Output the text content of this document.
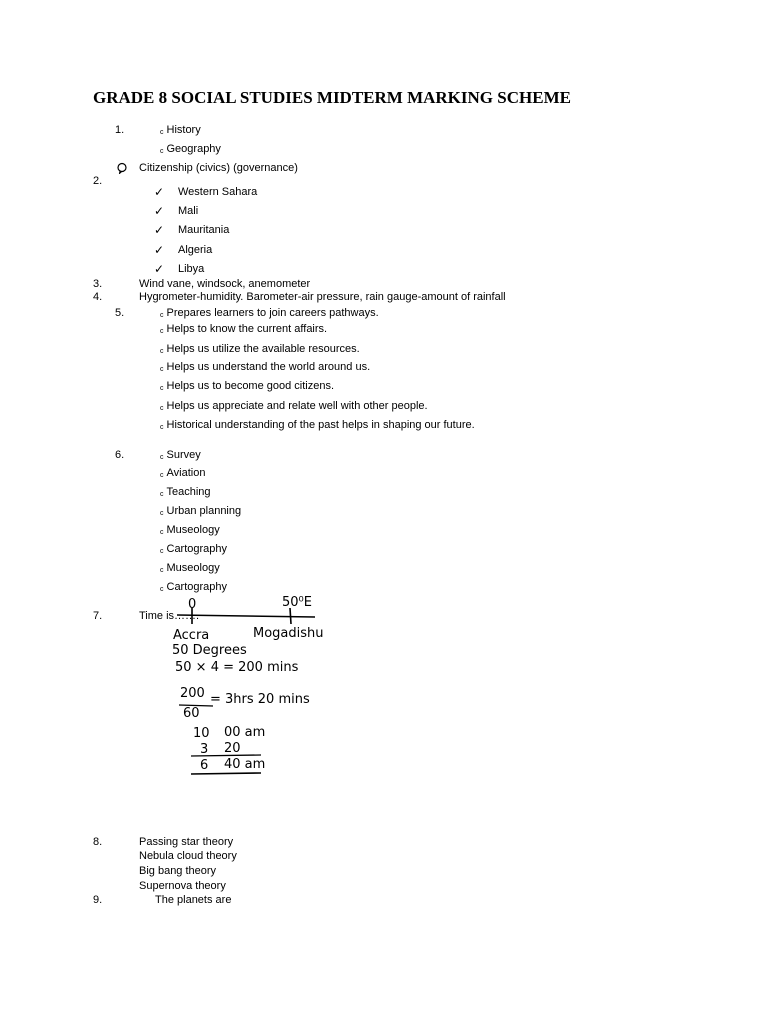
GRADE 8 SOCIAL STUDIES MIDTERM MARKING SCHEME
1.	c History
c Geography
Citizenship (civics) (governance)
2.
✓ Western Sahara
✓ Mali
✓ Mauritania
✓ Algeria
✓ Libya
3.	Wind vane, windsock, anemometer
4.	Hygrometer-humidity. Barometer-air pressure, rain gauge-amount of rainfall
5.	c Prepares learners to join careers pathways.
c Helps to know the current affairs.
c Helps us utilize the available resources.
c Helps us understand the world around us.
c Helps us to become good citizens.
c Helps us appreciate and relate well with other people.
c Historical understanding of the past helps in shaping our future.
6.	c Survey
c Aviation
c Teaching
c Urban planning
c Museology
c Cartography
c Museology
c Cartography
7.	Time is…….
0	50⁰E
Accra	Mogadishu
50 Degrees
50 × 4 = 200 mins
200
60
= 3hrs 20 mins
10 00 am
3 20
6 40 am
8.	Passing star theory
Nebula cloud theory
Big bang theory
Supernova theory
9.	The planets are
